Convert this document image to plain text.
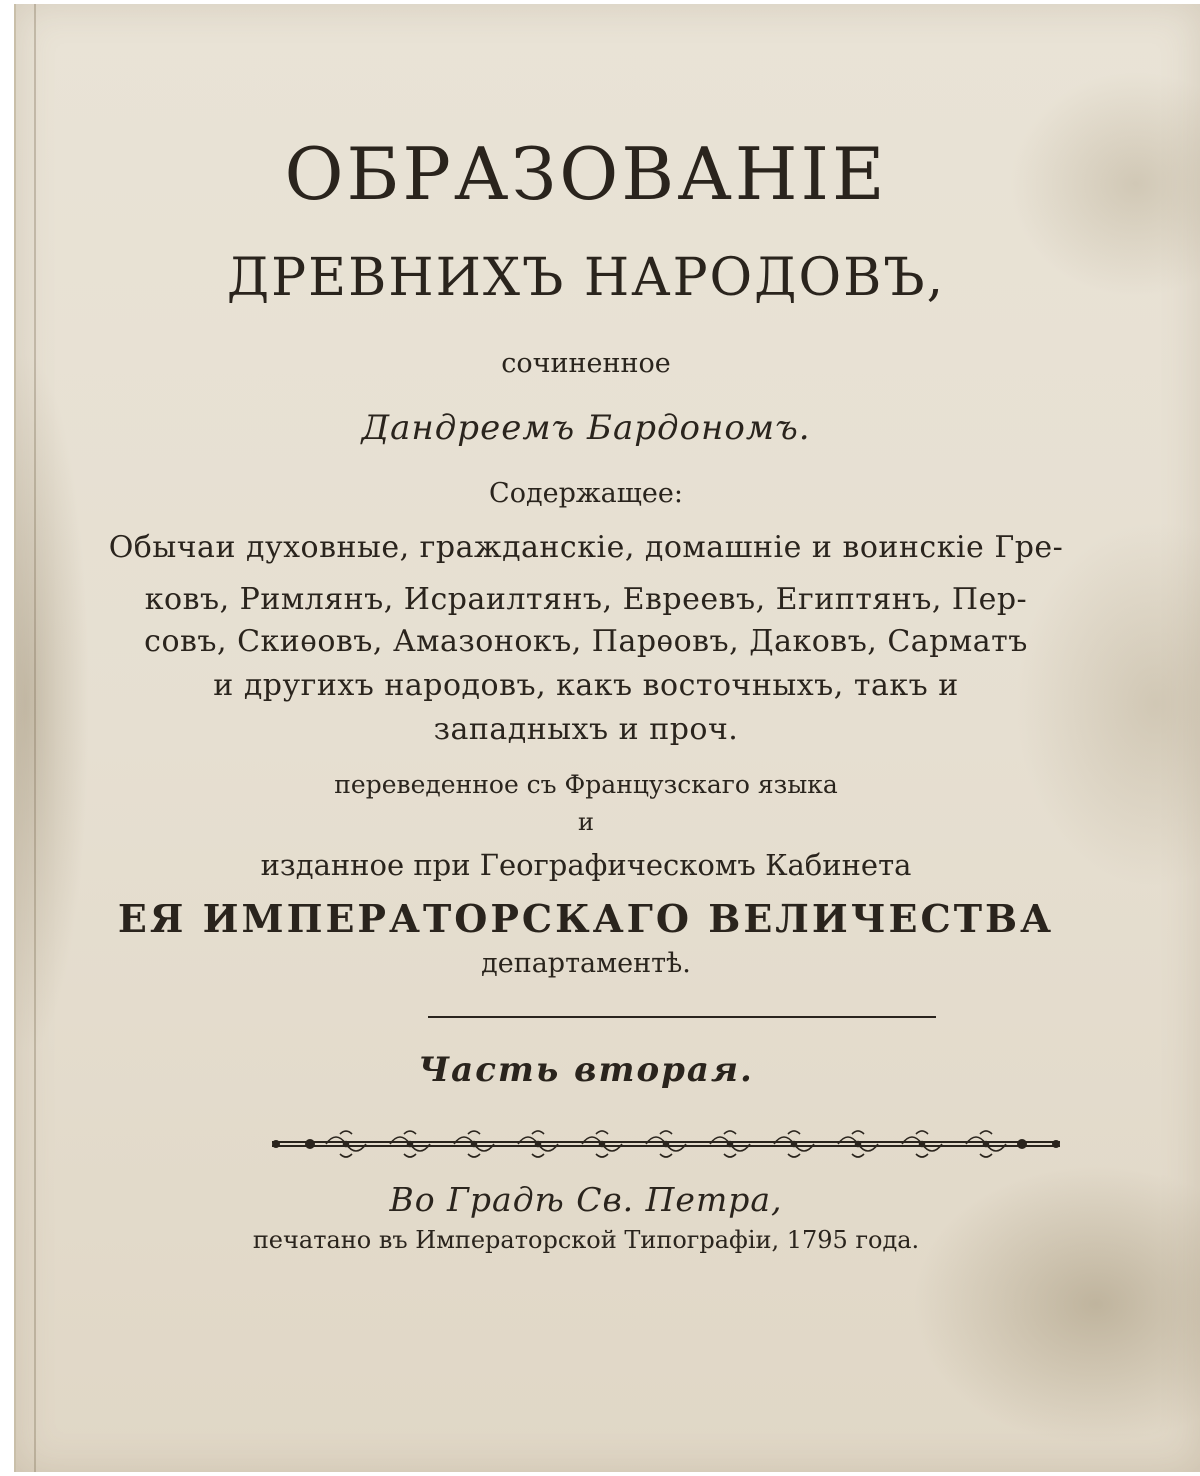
ОБРАЗОВАНІЕ
ДРЕВНИХЪ НАРОДОВЪ,
сочиненное
Дандреемъ Бардономъ.
Содержащее:
Обычаи духовные, гражданскіе, домашніе и воинскіе Гре-
ковъ, Римлянъ, Исраилтянъ, Евреевъ, Египтянъ, Пер-
совъ, Скиѳовъ, Амазонокъ, Парѳовъ, Даковъ, Сарматъ
и другихъ народовъ, какъ восточныхъ, такъ и
западныхъ и проч.
переведенное съ Французскаго языка
и
изданное при Географическомъ Кабинета
ЕЯ ИМПЕРАТОРСКАГО ВЕЛИЧЕСТВА
департаментѣ.
Часть вторая.
Во Градѣ Св. Петра,
печатано въ Императорской Типографіи, 1795 года.
